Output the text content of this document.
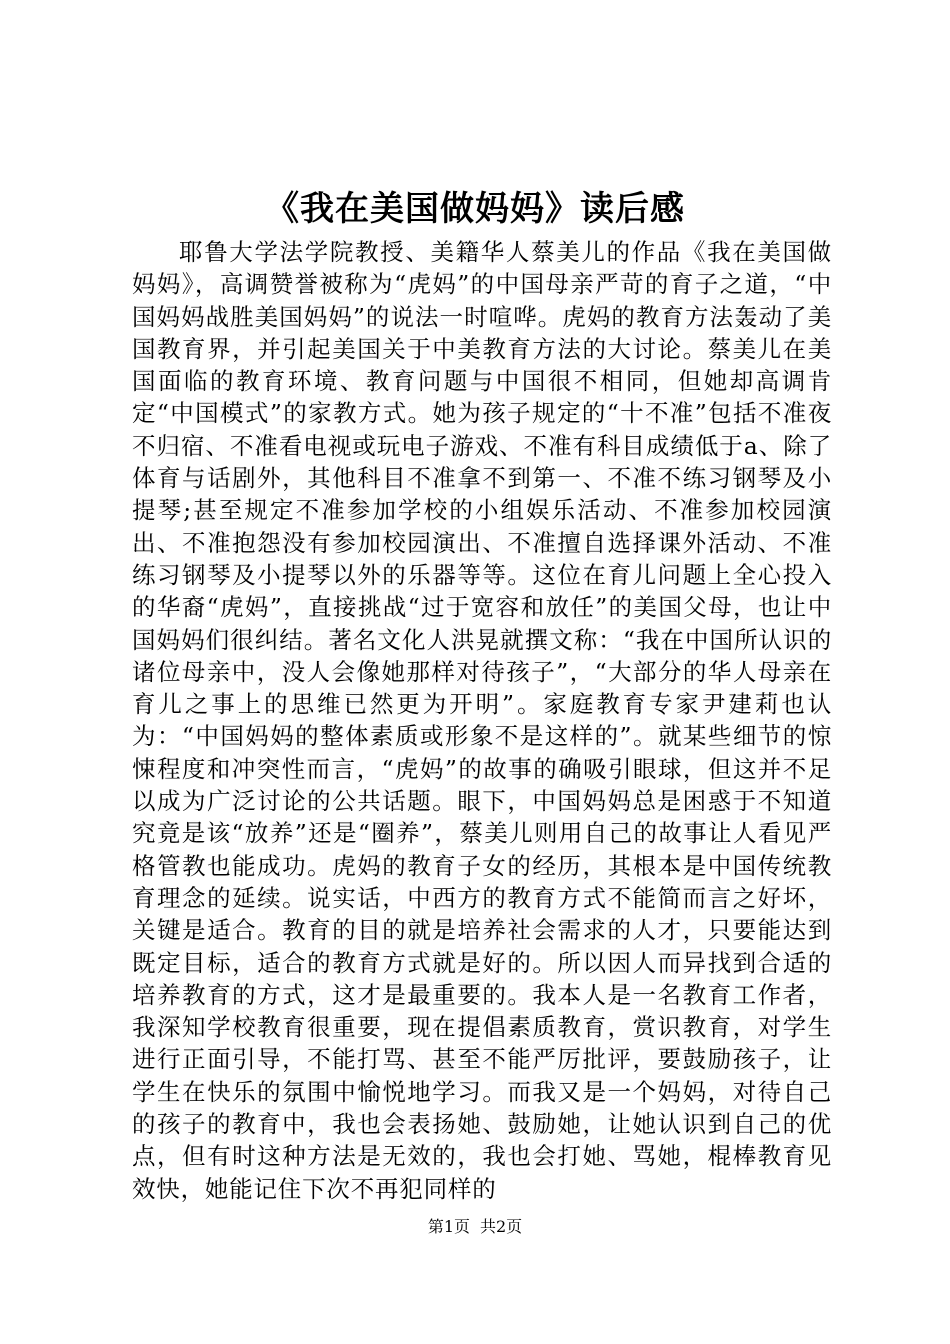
《我在美国做妈妈》读后感

耶鲁大学法学院教授、美籍华人蔡美儿的作品《我在美国做妈妈》，高调赞誉被称为“虎妈”的中国母亲严苛的育子之道，“中国妈妈战胜美国妈妈”的说法一时喧哗。虎妈的教育方法轰动了美国教育界，并引起美国关于中美教育方法的大讨论。蔡美儿在美国面临的教育环境、教育问题与中国很不相同，但她却高调肯定“中国模式”的家教方式。她为孩子规定的“十不准”包括不准夜不归宿、不准看电视或玩电子游戏、不准有科目成绩低于a、除了体育与话剧外，其他科目不准拿不到第一、不准不练习钢琴及小提琴;甚至规定不准参加学校的小组娱乐活动、不准参加校园演出、不准抱怨没有参加校园演出、不准擅自选择课外活动、不准练习钢琴及小提琴以外的乐器等等。这位在育儿问题上全心投入的华裔“虎妈”，直接挑战“过于宽容和放任”的美国父母，也让中国妈妈们很纠结。著名文化人洪晃就撰文称：“我在中国所认识的诸位母亲中，没人会像她那样对待孩子”，“大部分的华人母亲在育儿之事上的思维已然更为开明”。家庭教育专家尹建莉也认为：“中国妈妈的整体素质或形象不是这样的”。就某些细节的惊悚程度和冲突性而言，“虎妈”的故事的确吸引眼球，但这并不足以成为广泛讨论的公共话题。眼下，中国妈妈总是困惑于不知道究竟是该“放养”还是“圈养”，蔡美儿则用自己的故事让人看见严格管教也能成功。虎妈的教育子女的经历，其根本是中国传统教育理念的延续。说实话，中西方的教育方式不能简而言之好坏，关键是适合。教育的目的就是培养社会需求的人才，只要能达到既定目标，适合的教育方式就是好的。所以因人而异找到合适的培养教育的方式，这才是最重要的。我本人是一名教育工作者，我深知学校教育很重要，现在提倡素质教育，赏识教育，对学生进行正面引导，不能打骂、甚至不能严厉批评，要鼓励孩子，让学生在快乐的氛围中愉悦地学习。而我又是一个妈妈，对待自己的孩子的教育中，我也会表扬她、鼓励她，让她认识到自己的优点，但有时这种方法是无效的，我也会打她、骂她，棍棒教育见效快，她能记住下次不再犯同样的

第1页 共2页
